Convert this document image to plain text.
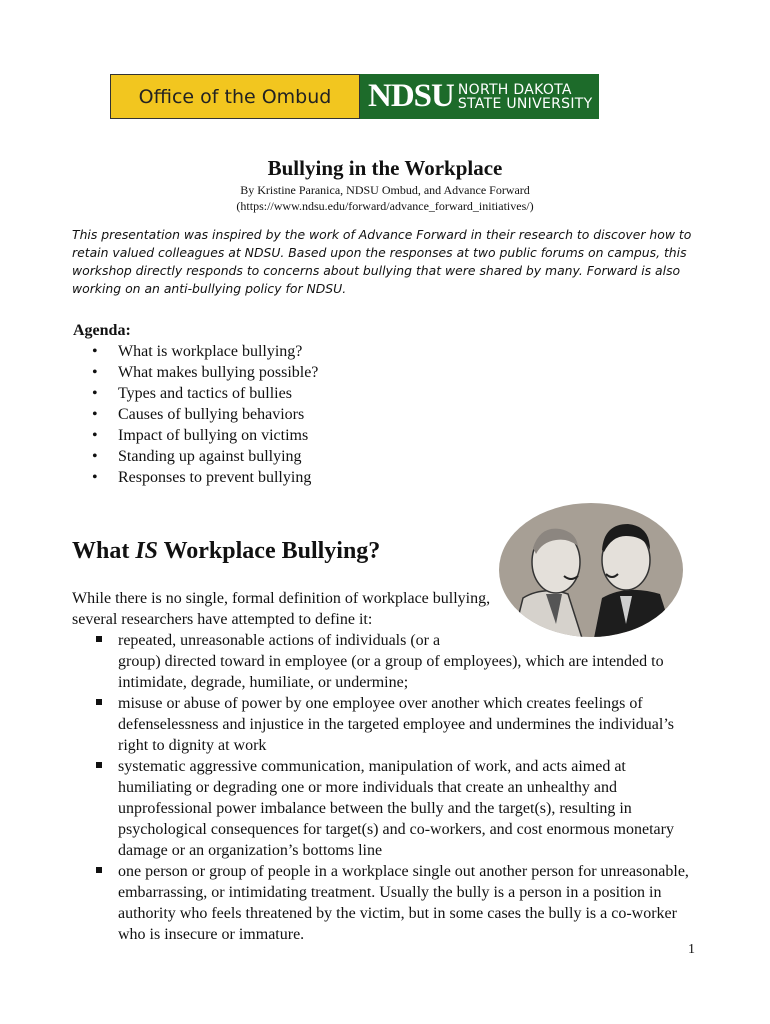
Office of the Ombud	NDSU NORTH DAKOTA
STATE UNIVERSITY
Bullying in the Workplace
By Kristine Paranica, NDSU Ombud, and Advance Forward
(https://www.ndsu.edu/forward/advance_forward_initiatives/)

This presentation was inspired by the work of Advance Forward in their research to discover how to retain valued colleagues at NDSU. Based upon the responses at two public forums on campus, this workshop directly responds to concerns about bullying that were shared by many. Forward is also working on an anti-bullying policy for NDSU.

Agenda:
• What is workplace bullying?
• What makes bullying possible?
• Types and tactics of bullies
• Causes of bullying behaviors
• Impact of bullying on victims
• Standing up against bullying
• Responses to prevent bullying
What IS Workplace Bullying?

While there is no single, formal definition of workplace bullying, several researchers have attempted to define it:

repeated, unreasonable actions of individuals (or a
group) directed toward in employee (or a group of employees), which are intended to intimidate, degrade, humiliate, or undermine;
misuse or abuse of power by one employee over another which creates feelings of defenselessness and injustice in the targeted employee and undermines the individual’s right to dignity at work
systematic aggressive communication, manipulation of work, and acts aimed at humiliating or degrading one or more individuals that create an unhealthy and unprofessional power imbalance between the bully and the target(s), resulting in psychological consequences for target(s) and co-workers, and cost enormous monetary damage or an organization’s bottoms line
one person or group of people in a workplace single out another person for unreasonable, embarrassing, or intimidating treatment. Usually the bully is a person in a position in authority who feels threatened by the victim, but in some cases the bully is a co-worker who is insecure or immature.
1
